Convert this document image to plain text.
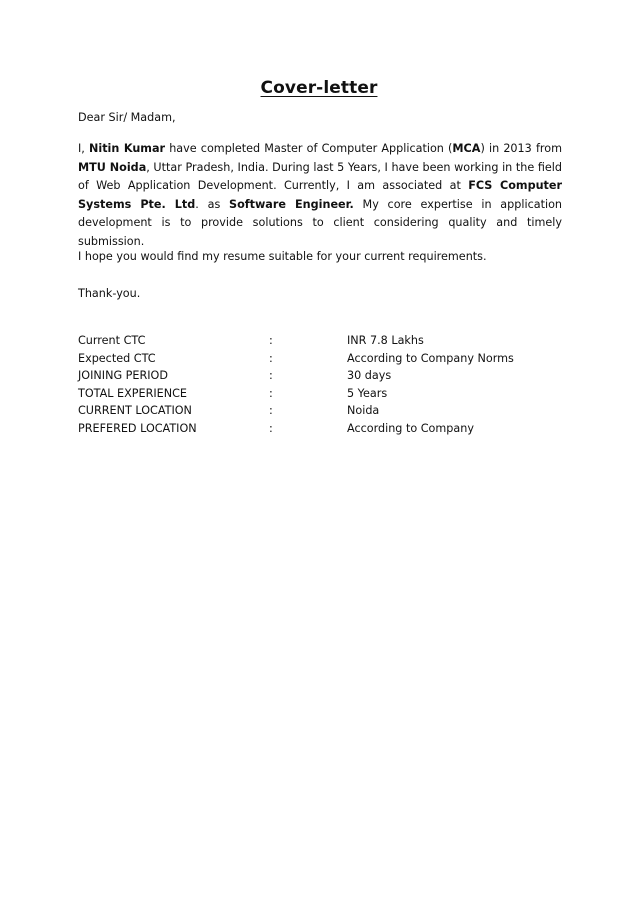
Cover-letter

Dear Sir/ Madam,

I, Nitin Kumar have completed Master of Computer Application (MCA) in 2013 from MTU Noida, Uttar Pradesh, India. During last 5 Years, I have been working in the field of Web Application Development. Currently, I am associated at FCS Computer Systems Pte. Ltd. as Software Engineer. My core expertise in application development is to provide solutions to client considering quality and timely submission.

I hope you would find my resume suitable for your current requirements.

Thank-you.

Current CTC	:	INR 7.8 Lakhs
Expected CTC	:	According to Company Norms
JOINING PERIOD	:	30 days
TOTAL EXPERIENCE	:	5 Years
CURRENT LOCATION	:	Noida
PREFERED LOCATION	:	According to Company
